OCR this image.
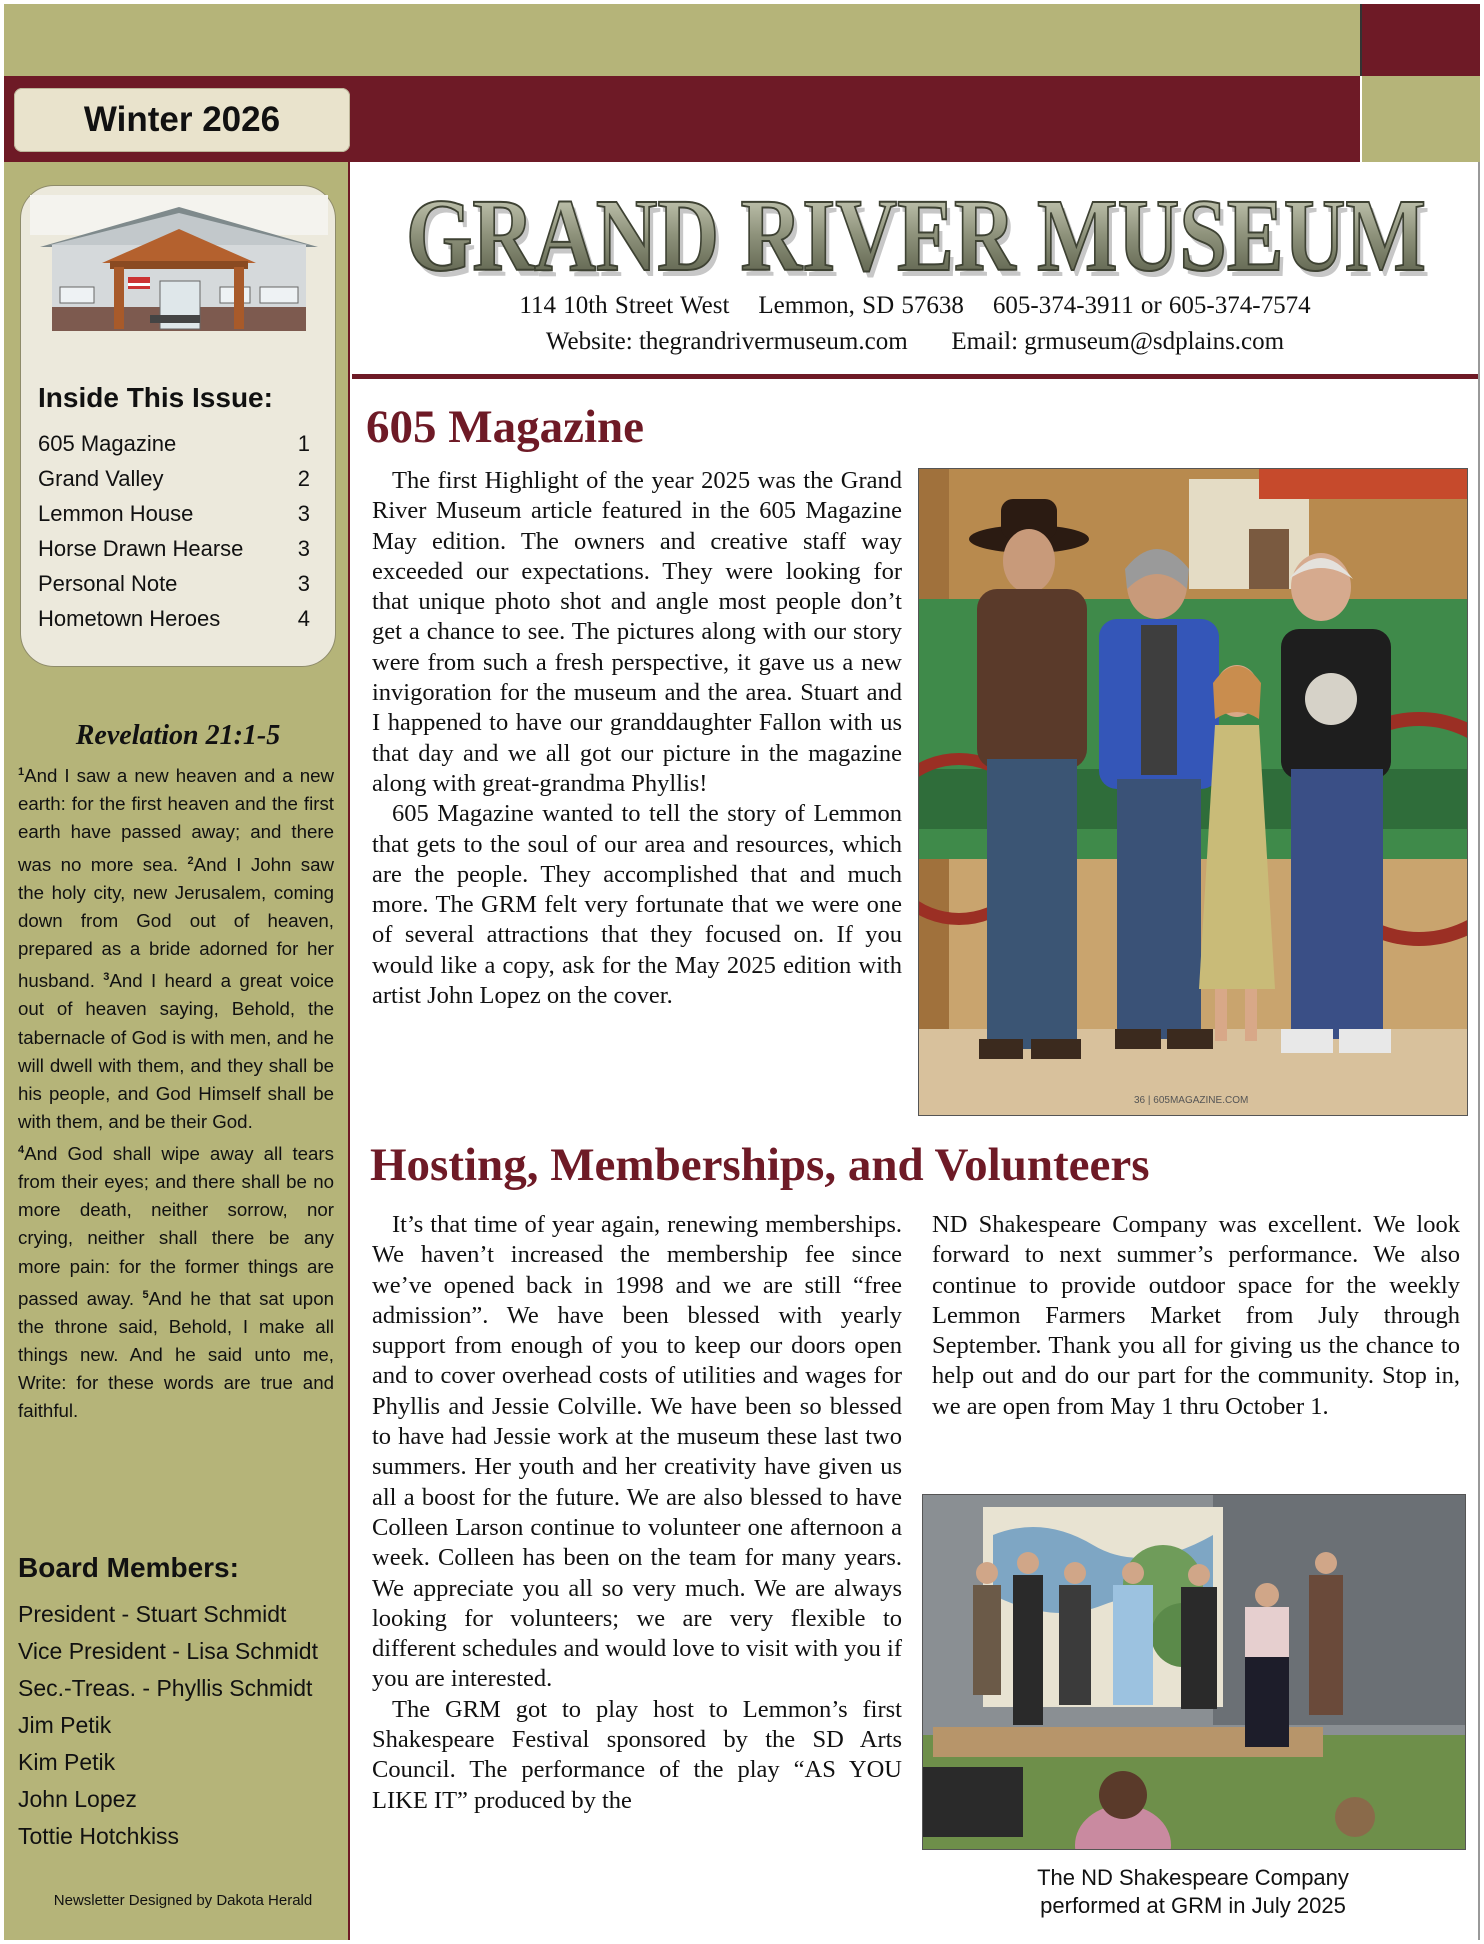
Winter 2026
Inside This Issue:
605 Magazine	1
Grand Valley	2
Lemmon House	3
Horse Drawn Hearse 3
Personal Note	3
Hometown Heroes	4
Revelation 21:1-5
$^1$And I saw a new heaven and a new earth: for the first heaven and the first earth have passed away; and there was no more sea. $^2$And I John saw the holy city, new Jerusalem, coming down from God out of heaven, prepared as a bride adorned for her husband. $^3$And I heard a great voice out of heaven saying, Behold, the tabernacle of God is with men, and he will dwell with them, and they shall be his people, and God Himself shall be with them, and be their God.
$^4$And God shall wipe away all tears from their eyes; and there shall be no more death, neither sorrow, nor crying, neither shall there be any more pain: for the former things are passed away. $^5$And he that sat upon the throne said, Behold, I make all things new. And he said unto me, Write: for these words are true and faithful.
Board Members:
President - Stuart Schmidt
Vice President - Lisa Schmidt
Sec.-Treas. - Phyllis Schmidt
Jim Petik
Kim Petik
John Lopez
Tottie Hotchkiss
Newsletter Designed by Dakota Herald
GRAND RIVER MUSEUM
GRAND RIVER MUSEUM
114 10th Street West    Lemmon, SD 57638    605-374-3911 or 605-374-7574
Website: thegrandrivermuseum.com       Email: grmuseum@sdplains.com
605 Magazine

The first Highlight of the year 2025 was the Grand River Museum article featured in the 605 Magazine May edition. The owners and creative staff way exceeded our expectations. They were looking for that unique photo shot and angle most people don’t get a chance to see. The pictures along with our story were from such a fresh perspective, it gave us a new invigoration for the museum and the area. Stuart and I happened to have our granddaughter Fallon with us that day and we all got our picture in the magazine along with great-grandma Phyllis!

605 Magazine wanted to tell the story of Lemmon that gets to the soul of our area and resources, which are the people. They accomplished that and much more. The GRM felt very fortunate that we were one of several attractions that they focused on. If you would like a copy, ask for the May 2025 edition with artist John Lopez on the cover.

36 | 605MAGAZINE.COM
Hosting, Memberships, and Volunteers

It’s that time of year again, renewing memberships. We haven’t increased the membership fee since we’ve opened back in 1998 and we are still “free admission”. We have been blessed with yearly support from enough of you to keep our doors open and to cover overhead costs of utilities and wages for Phyllis and Jessie Colville. We have been so blessed to have had Jessie work at the museum these last two summers. Her youth and her creativity have given us all a boost for the future. We are also blessed to have Colleen Larson continue to volunteer one afternoon a week. Colleen has been on the team for many years. We appreciate you all so very much. We are always looking for volunteers; we are very flexible to different schedules and would love to visit with you if you are interested.

The GRM got to play host to Lemmon’s first Shakespeare Festival sponsored by the SD Arts Council. The performance of the play “AS YOU LIKE IT” produced by the

ND Shakespeare Company was excellent. We look forward to next summer’s performance. We also continue to provide outdoor space for the weekly Lemmon Farmers Market from July through September. Thank you all for giving us the chance to help out and do our part for the community. Stop in, we are open from May 1 thru October 1.

The ND Shakespeare Company
performed at GRM in July 2025
